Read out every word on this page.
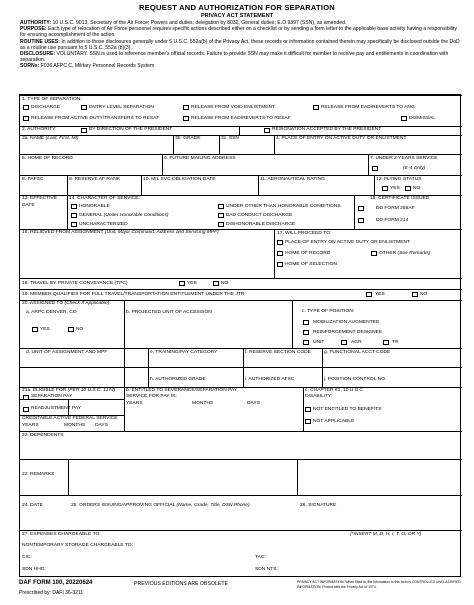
REQUEST AND AUTHORIZATION FOR SEPARATION
PRIVACY ACT STATEMENT
AUTHORITY: 10 U.S.C. 9013, Secretary of the Air Force; Powers and duties; delegation by 8032, General duties; E.O 9397 (SSN), as amended.
PURPOSE: Each type of relocation of Air Force personnel requires specific actions described either on a checklist or by sending a form letter to the applicable base activity having a responsibility for ensuring accomplishment of the action.
ROUTINE USES: In addition to those disclosures generally under 5 U.S.C. 552a(b) of the Privacy Act, these records or information contained therein may specifically be disclosed outside the DoD as a routine use pursuant to 5 U.S.C. 552a (b)(3).
DISCLOSURE: VOLUNTARY. SSN is used to reference member's official records. Failure to provide SSN may make it difficult for member to receive pay and entitlements in coordination with separation.
SORNs: F036 AFPC C, Military Personnel Records System
1. TYPE OF SEPARATION:
DISCHARGE	ENTRY LEVEL SEPARATION	RELEASE FROM VOID ENLISTMENT	RELEASE FROM EAD/REVERTS TO ANG
RELEASE FROM ACTIVE DUTY/TRANSFERS TO RESAF	RELEASE FROM EAD/REVERTS TO RESAF	DISMISSAL
2. AUTHORITY:	BY DIRECTION OF THE PRESIDENT	RESIGNATION ACCEPTED BY THE PRESIDENT
3a. NAME (Last, First, MI)	3b. GRADE	3c. SSN	4. PLACE OF ENTRY ON ACTIVE DUTY OR ENLISTMENT
5. HOME OF RECORD	6. FUTURE MAILING ADDRESS	7. UNDER 2 YEARS SERVICE
(E-4 Only)
8. PAFSC	9. RESERVE AF RANK	10. MIL SVC OBLIGATION DATE	11. AERONAUTICAL RATING	12. FLYING STATUS
YES	NO
13. EFFECTIVE
DATE
14. CHARACTER OF SERVICE:
HONORABLE
GENERAL (Under Honorable Conditions)
UNCHARACTERIZED
UNDER OTHER THAN HONORABLE CONDITIONS
BAD CONDUCT DISCHARGE
DISHONORABLE DISCHARGE
15. CERTIFICATE ISSUED
DD FORM 256AF
DD FORM 214
16. RELIEVED FROM ASSIGNMENT (Unit, Major Command, Address and Servicing MPF)	17. WILL PROCEED TO:
PLACE OF ENTRY ON ACTIVE DUTY OR ENLISTMENT
HOME OF RECORD	OTHER (See Remarks)
HOME OF SELECTION
18. TRAVEL BY PRIVATE CONVEYANCE (TPC)	YES	NO
19. MEMBER QUALIFIES FOR FULL TRAVEL/TRANSPORTATION ENTITLEMENT UNDER THE JTR	YES	NO
20. ASSIGNED TO (Check If Applicable)
a. ARPC DENVER, CO
YES	NO
b. PROJECTED UNIT OF ACCESSION	c. TYPE OF POSITION:
MOBILIZATION AUGMENTEE
REINFORCEMENT DESIGNEE
UNIT	AGR	TR
d. UNIT OF ASSIGNMENT AND MPF	e. TRAINING/PAY CATEGORY	f. RESERVE SECTION CODE	g. FUNCTIONAL ACCT CODE
h. AUTHORIZED GRADE	i. AUTHORIZED AFSC	j. POSITION CONTROL NO.
21a. ELIGIBLE FOR (PER 10 U.S.C. 1174)
SEPARATION PAY
READJUSTMENT PAY
CREDITABLE ACTIVE FEDERAL SERVICE
YEARS	MONTHS DAYS
b. ENTITLED TO SEVERANCE/SEPARATION PAY
SERVICE FOR PAY IS:
YEARS	MONTHS	DAYS
c. CHAPTER 61, 10 U.S.C.
DISABILITY:
NOT ENTITLED TO BENEFITS
NOT APPLICABLE
22. DEPENDENTS
23. REMARKS
24. DATE	25. ORDERS ISSUING/APPROVING OFFICIAL (Name, Grade, Title, DSN Phone)	26. SIGNATURE
27. EXPENSES CHARGEABLE TO:	(*INSERT M, D, H, I, T, G, OR Y)
NONTEMPORARY STORAGE CHARGEABLE TO:
CIC:	TAC:
SDN HHG:	SDN NTS:
DAF FORM 100, 20220624
Prescribed by: DAFI 36-3211
PREVIOUS EDITIONS ARE OBSOLETE	PRIVACY ACT INFORMATION: When filled in, the information in this form is CONTROLLED UNCLASSIFIED INFORMATION. Protect with the Privacy Act of 1974.
